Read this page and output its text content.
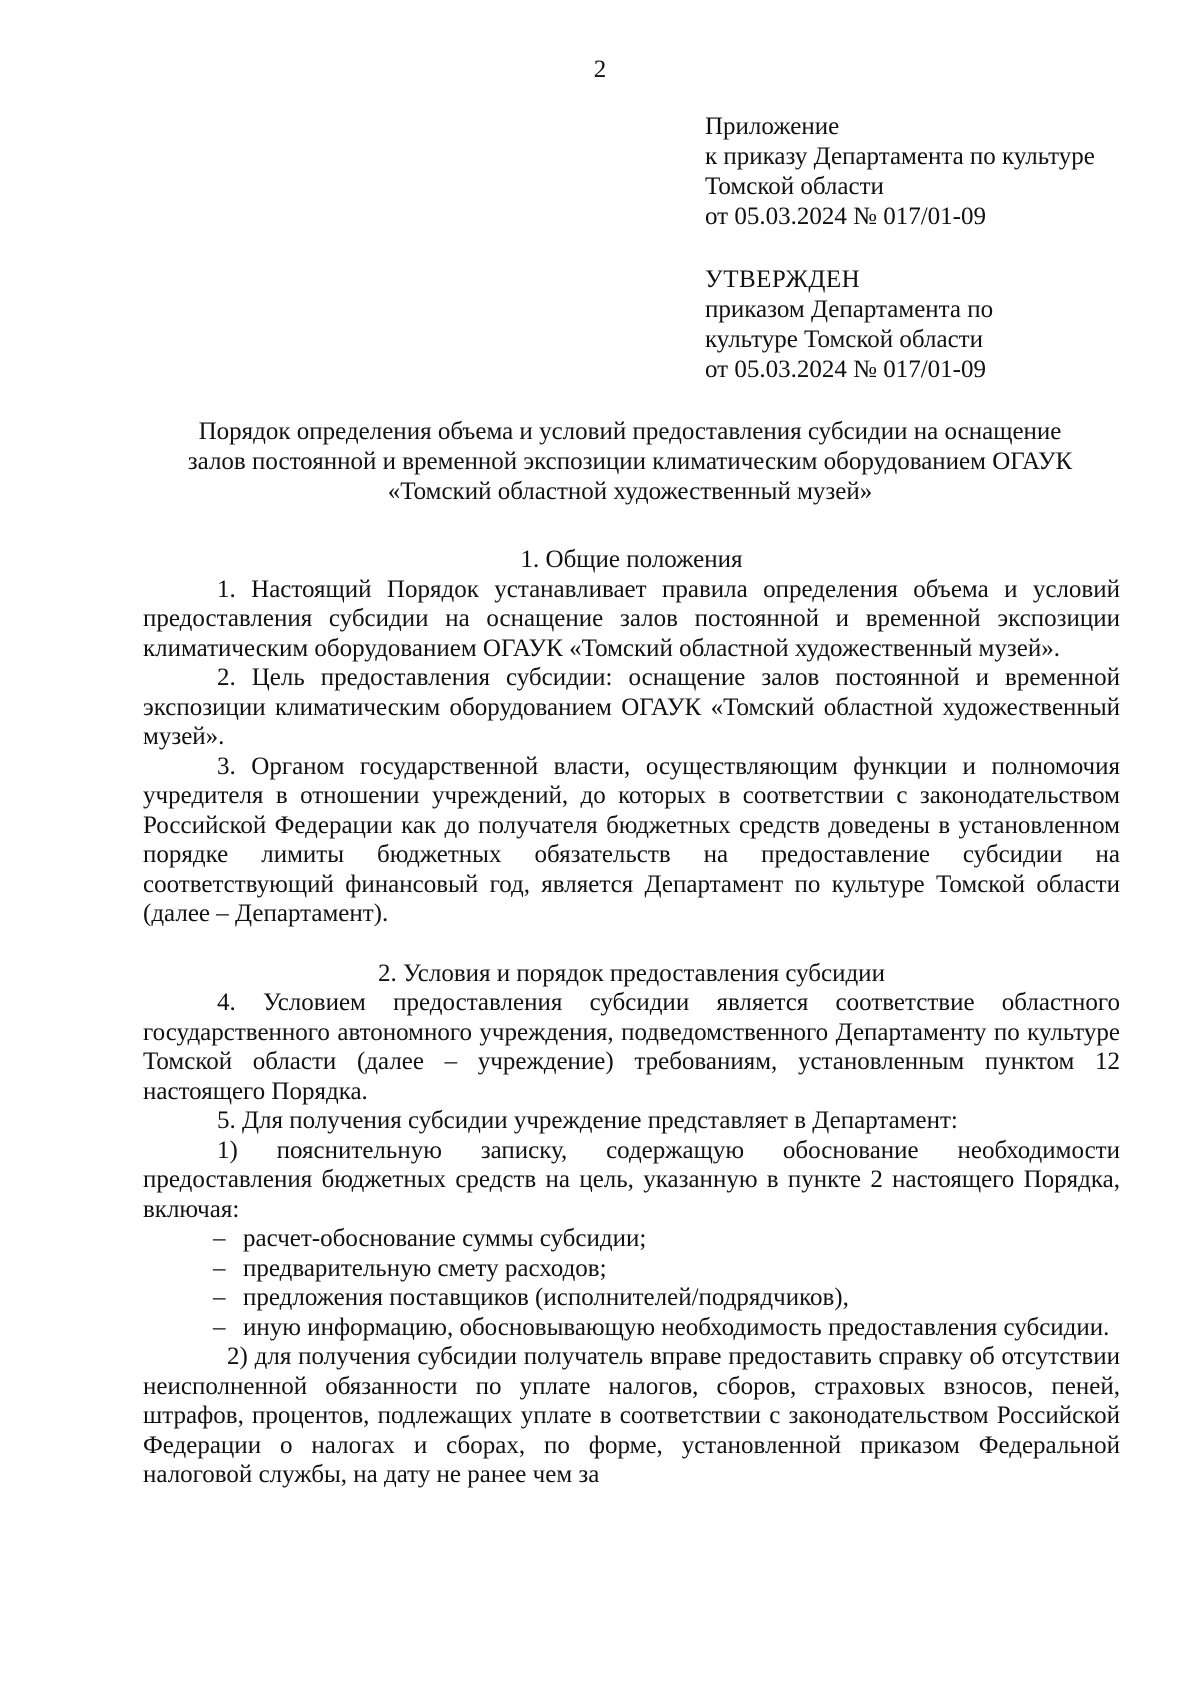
2
Приложение
к приказу Департамента по культуре
Томской области
от 05.03.2024 № 017/01-09
УТВЕРЖДЕН
приказом Департамента по
культуре Томской области
от 05.03.2024 № 017/01-09
Порядок определения объема и условий предоставления субсидии на оснащение
залов постоянной и временной экспозиции климатическим оборудованием ОГАУК
«Томский областной художественный музей»
1. Общие положения

1. Настоящий Порядок устанавливает правила определения объема и условий предоставления субсидии на оснащение залов постоянной и временной экспозиции климатическим оборудованием ОГАУК «Томский областной художественный музей».

2. Цель предоставления субсидии: оснащение залов постоянной и временной экспозиции климатическим оборудованием ОГАУК «Томский областной художественный музей».

3. Органом государственной власти, осуществляющим функции и полномочия учредителя в отношении учреждений, до которых в соответствии с законодательством Российской Федерации как до получателя бюджетных средств доведены в установленном порядке лимиты бюджетных обязательств на предоставление субсидии на соответствующий финансовый год, является Департамент по культуре Томской области (далее – Департамент).

2. Условия и порядок предоставления субсидии

4. Условием предоставления субсидии является соответствие областного государственного автономного учреждения, подведомственного Департаменту по культуре Томской области (далее – учреждение) требованиям, установленным пунктом 12 настоящего Порядка.

5. Для получения субсидии учреждение представляет в Департамент:

1) пояснительную записку, содержащую обоснование необходимости предоставления бюджетных средств на цель, указанную в пункте 2 настоящего Порядка, включая:

– расчет-обоснование суммы субсидии;
– предварительную смету расходов;
– предложения поставщиков (исполнителей/подрядчиков),
– иную информацию, обосновывающую необходимость предоставления субсидии.

2) для получения субсидии получатель вправе предоставить справку об отсутствии неисполненной обязанности по уплате налогов, сборов, страховых взносов, пеней, штрафов, процентов, подлежащих уплате в соответствии с законодательством Российской Федерации о налогах и сборах, по форме, установленной приказом Федеральной налоговой службы, на дату не ранее чем за
